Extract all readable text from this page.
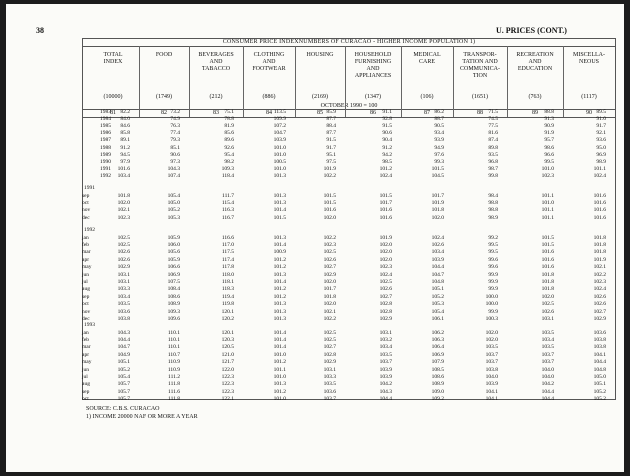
38	U. PRICES (CONT.)
CONSUMER PRICE INDEXNUMBERS OF CURACAO - HIGHER INCOME POPULATION 1)
OCTOBER 1990 = 100
TOTAL
INDEX
(10000)
81
FOOD
(1749)
82
BEVERAGES
AND
TABACCO
(212)
83
CLOTHING
AND
FOOTWEAR
(886)
84
HOUSING
(2169)
85
HOUSEHOLD
FURNISHING
AND
APPLIANCES
(1347)
86
MEDICAL
CARE
(106)
87
TRANSPOR-
TATION AND
COMMUNICA-
TION
(1651)
88
RECREATION
AND
EDUCATION
(763)
89
MISCELLA-
NEOUS
(1117)
90
SOURCE: C.B.S. CURACAO
1) INCOME 20000 NAF OR MORE A YEAR
1983	82.2	73.2	75.1	113.5	85.9	91.1	86.2	71.5	88.8	89.5
1984	84.0	74.9	78.8	109.9	87.7	92.8	88.7	74.5	91.3	91.0
1985	84.6	76.3	81.9	107.2	88.4	91.5	90.5	77.5	90.9	91.7
1986	85.8	77.4	85.6	104.7	87.7	90.6	93.4	81.6	91.9	92.1
1987	89.1	79.3	89.6	103.9	91.5	90.4	93.9	87.4	95.7	93.6
1988	91.2	85.1	92.6	101.0	91.7	91.2	94.9	89.8	98.6	95.0
1989	94.5	90.6	95.4	101.0	95.1	94.2	97.6	93.5	96.6	96.9
1990	97.9	97.3	98.2	100.5	97.5	98.5	99.3	96.8	99.5	98.9
1991	101.6	104.3	109.3	101.0	101.9	101.2	101.5	98.7	101.0	101.1
1992	103.4	107.4	118.4	101.3	102.2	102.4	104.5	99.8	102.3	102.4
1991
sep	101.8	105.4	111.7	101.3	101.5	101.5	101.7	98.4	101.1	101.6
oct	102.0	105.0	115.4	101.3	101.5	101.7	101.9	98.8	101.0	101.6
nov	102.1	105.2	116.3	101.4	101.6	101.6	101.8	98.8	101.1	101.6
dec	102.3	105.3	116.7	101.5	102.0	101.6	102.0	98.9	101.1	101.6
1992
jan	102.5	105.9	116.6	101.3	102.2	101.9	102.4	99.2	101.5	101.8
feb	102.5	106.0	117.0	101.4	102.3	102.0	102.6	99.5	101.5	101.8
mar	102.6	105.6	117.5	100.9	102.5	102.0	103.4	99.5	101.6	101.8
apr	102.6	105.9	117.4	101.2	102.6	102.0	103.9	99.6	101.6	101.9
may	102.9	106.6	117.8	101.2	102.7	102.3	104.4	99.6	101.6	102.1
jun	103.1	106.9	118.0	101.3	102.9	102.4	104.7	99.9	101.8	102.2
jul	103.1	107.5	118.1	101.4	102.0	102.5	104.8	99.9	101.8	102.3
aug	103.3	108.4	118.3	101.2	101.7	102.6	105.1	99.9	101.8	102.4
sep	103.4	108.6	119.4	101.2	101.8	102.7	105.2	100.0	102.0	102.6
oct	103.5	108.9	119.8	101.3	102.0	102.8	105.3	100.0	102.5	102.6
nov	103.6	109.3	120.1	101.3	102.1	102.8	105.4	99.9	102.6	102.7
dec	103.8	109.6	120.2	101.3	102.2	102.9	106.1	100.3	103.1	102.9
1993
jan	104.3	110.1	120.1	101.4	102.5	103.1	106.2	102.0	103.5	103.6
feb	104.4	110.1	120.3	101.4	102.5	103.2	106.3	102.0	103.4	103.8
mar	104.7	110.1	120.5	101.4	102.7	103.4	106.4	103.5	103.5	103.8
apr	104.9	110.7	121.0	101.0	102.8	103.5	106.9	103.7	103.7	104.1
may	105.1	110.9	121.7	101.2	102.9	103.7	107.9	103.7	103.7	104.4
jun	105.2	110.9	122.0	101.1	103.1	103.9	108.5	103.8	104.0	104.8
jul	105.4	111.2	122.3	101.0	103.3	103.9	108.6	104.0	104.0	105.0
aug	105.7	111.8	122.3	101.3	103.5	104.2	108.9	103.9	104.2	105.1
sep	105.7	111.6	122.3	101.2	103.6	104.3	109.0	104.1	104.4	105.2
oct	105.7	111.8	122.1	101.0	103.7	104.4	109.2	104.1	104.4	105.2
